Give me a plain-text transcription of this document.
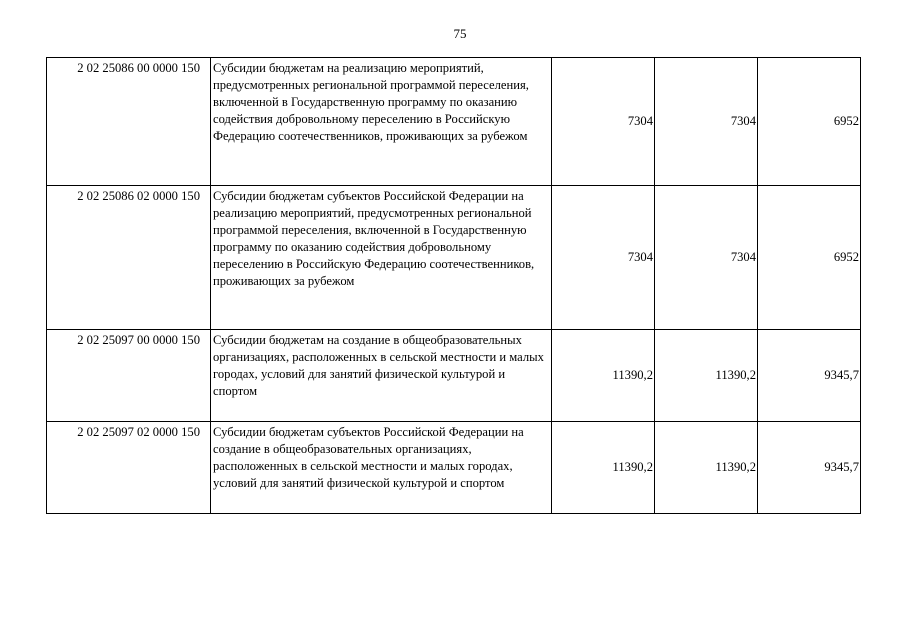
75
2 02 25086 00 0000 150	Субсидии бюджетам на реализацию мероприятий, предусмотренных региональной программой переселения, включенной в Государственную программу по оказанию содействия добровольному переселению в Российскую Федерацию соотечественников, проживающих за рубежом	7304	7304	6952
2 02 25086 02 0000 150	Субсидии бюджетам субъектов Российской Федерации на реализацию мероприятий, предусмотренных региональной программой переселения, включенной в Государственную программу по оказанию содействия добровольному переселению в Российскую Федерацию соотечественников, проживающих за рубежом	7304	7304	6952
2 02 25097 00 0000 150	Субсидии бюджетам на создание в общеобразовательных организациях, расположенных в сельской местности и малых городах, условий для занятий физической культурой и спортом	11390,2	11390,2	9345,7
2 02 25097 02 0000 150	Субсидии бюджетам субъектов Российской Федерации на создание в общеобразовательных организациях, расположенных в сельской местности и малых городах, условий для занятий физической культурой и спортом	11390,2	11390,2	9345,7
